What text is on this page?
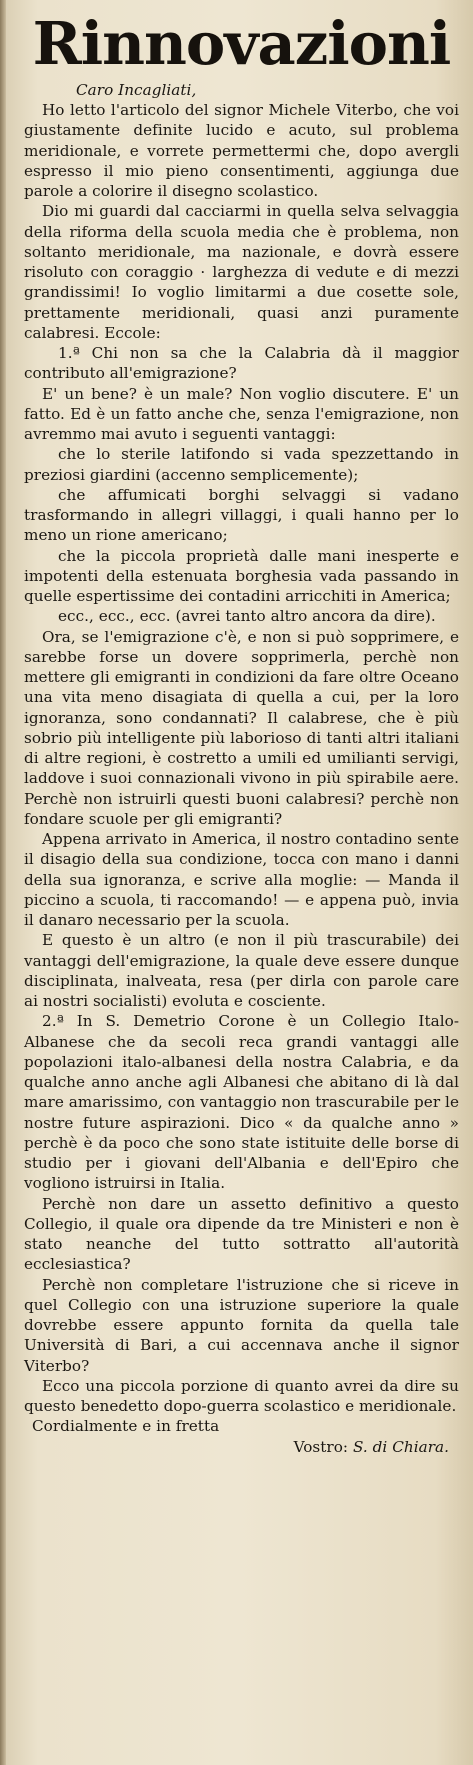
Rinnovazioni
Caro Incagliati,

Ho letto l'articolo del signor Michele Viterbo, che voi giustamente definite lucido e acuto, sul problema meridionale, e vorrete permettermi che, dopo avergli espresso il mio pieno consentimenti, aggiunga due parole a colorire il disegno scolastico.

Dio mi guardi dal cacciarmi in quella selva selvaggia della riforma della scuola media che è problema, non soltanto meridionale, ma nazionale, e dovrà essere risoluto con coraggio · larghezza di vedute e di mezzi grandissimi! Io voglio limitarmi a due cosette sole, prettamente meridionali, quasi anzi puramente calabresi. Eccole:

1.ª Chi non sa che la Calabria dà il maggior contributo all'emigrazione?

E' un bene? è un male? Non voglio discutere. E' un fatto. Ed è un fatto anche che, senza l'emigrazione, non avremmo mai avuto i seguenti vantaggi:

che lo sterile latifondo si vada spezzettando in preziosi giardini (accenno semplicemente);

che affumicati borghi selvaggi si vadano trasformando in allegri villaggi, i quali hanno per lo meno un rione americano;

che la piccola proprietà dalle mani inesperte e impotenti della estenuata borghesia vada passando in quelle espertissime dei contadini arricchiti in America;

ecc., ecc., ecc. (avrei tanto altro ancora da dire).

Ora, se l'emigrazione c'è, e non si può sopprimere, e sarebbe forse un dovere sopprimerla, perchè non mettere gli emigranti in condizioni da fare oltre Oceano una vita meno disagiata di quella a cui, per la loro ignoranza, sono condannati? Il calabrese, che è più sobrio più intelligente più laborioso di tanti altri italiani di altre regioni, è costretto a umili ed umilianti servigi, laddove i suoi connazionali vivono in più spirabile aere. Perchè non istruirli questi buoni calabresi? perchè non fondare scuole per gli emigranti?

Appena arrivato in America, il nostro contadino sente il disagio della sua condizione, tocca con mano i danni della sua ignoranza, e scrive alla moglie: — Manda il piccino a scuola, ti raccomando! — e appena può, invia il danaro necessario per la scuola.

E questo è un altro (e non il più trascurabile) dei vantaggi dell'emigrazione, la quale deve essere dunque disciplinata, inalveata, resa (per dirla con parole care ai nostri socialisti) evoluta e cosciente.

2.ª In S. Demetrio Corone è un Collegio Italo-Albanese che da secoli reca grandi vantaggi alle popolazioni italo-albanesi della nostra Calabria, e da qualche anno anche agli Albanesi che abitano di là dal mare amarissimo, con vantaggio non trascurabile per le nostre future aspirazioni. Dico « da qualche anno » perchè è da poco che sono state istituite delle borse di studio per i giovani dell'Albania e dell'Epiro che vogliono istruirsi in Italia.

Perchè non dare un assetto definitivo a questo Collegio, il quale ora dipende da tre Ministeri e non è stato neanche del tutto sottratto all'autorità ecclesiastica?

Perchè non completare l'istruzione che si riceve in quel Collegio con una istruzione superiore la quale dovrebbe essere appunto fornita da quella tale Università di Bari, a cui accennava anche il signor Viterbo?

Ecco una piccola porzione di quanto avrei da dire su questo benedetto dopo-guerra scolastico e meridionale.

Cordialmente e in fretta

Vostro: S. di Chiara.
